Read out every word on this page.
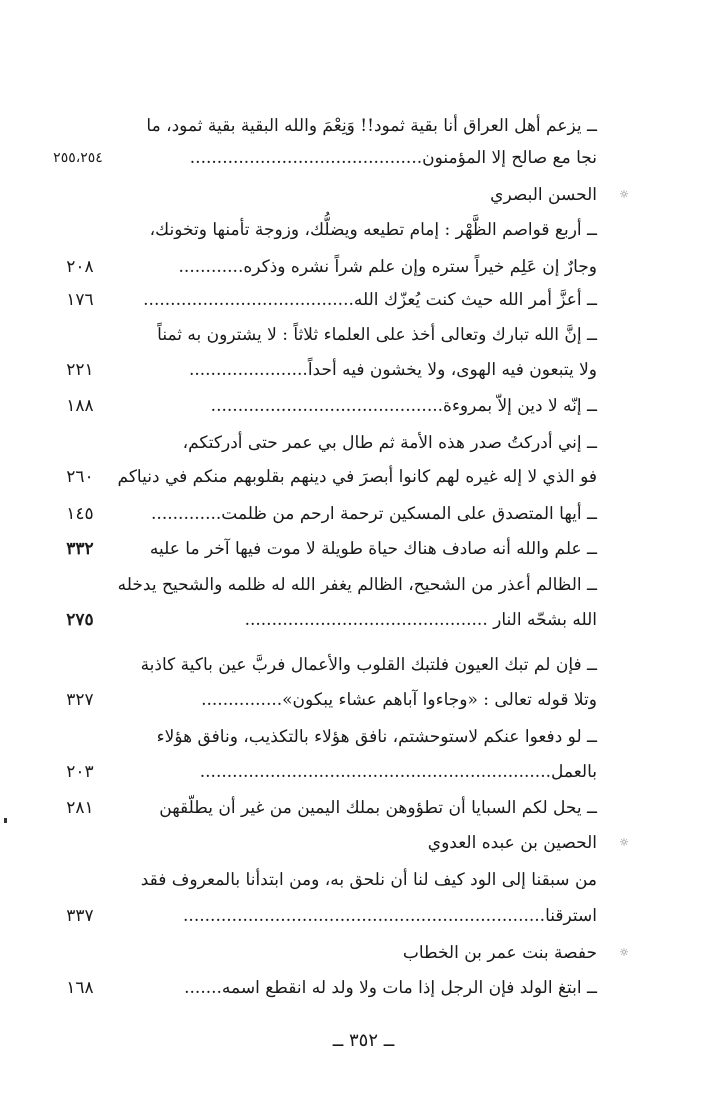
ــ يزعم أهل العراق أنا بقية ثمود!! وَنِعْمَ والله البقية بقية ثمود، ما
نجا مع صالح إلا المؤمنون...........................................
٢٥٥،٢٥٤
☼
الحسن البصري
ــ أربع قواصم الظَّهْر : إمام تطيعه ويضلُّك، وزوجة تأمنها وتخونك،
وجارٌ إن عَلِم خيراً ستره وإن علم شراً نشره وذكره............
٢٠٨
ــ أعزَّ أمر الله حيث كنت يُعزّك الله.......................................
١٧٦
ــ إنَّ الله تبارك وتعالى أخذ على العلماء ثلاثاً : لا يشترون به ثمناً
ولا يتبعون فيه الهوى، ولا يخشون فيه أحداً......................
٢٢١
ــ إنّه لا دين إلاّ بمروءة...........................................
١٨٨
ــ إني أدركتُ صدر هذه الأمة ثم طال بي عمر حتى أدركتكم،
فو الذي لا إله غيره لهم كانوا أبصرَ في دينهم بقلوبهم منكم في دنياكم
٢٦٠
ــ أيها المتصدق على المسكين ترحمة ارحم من ظلمت.............
١٤٥
ــ علم والله أنه صادف هناك حياة طويلة لا موت فيها آخر ما عليه
٣٣٢
ــ الظالم أعذر من الشحيح، الظالم يغفر الله له ظلمه والشحيح يدخله
الله بشحّه النار .............................................
٢٧٥
ــ فإن لم تبك العيون فلتبك القلوب والأعمال فربَّ عين باكية كاذبة
وتلا قوله تعالى : «وجاءوا آباهم عشاء يبكون»...............
٣٢٧
ــ لو دفعوا عنكم لاستوحشتم، نافق هؤلاء بالتكذيب، ونافق هؤلاء
بالعمل.................................................................
٢٠٣
ــ يحل لكم السبايا أن تطؤوهن بملك اليمين من غير أن يطلّقهن
٢٨١
☼
الحصين بن عبده العدوي
من سبقنا إلى الود كيف لنا أن نلحق به، ومن ابتدأنا بالمعروف فقد
استرقنا...................................................................
٣٣٧
☼
حفصة بنت عمر بن الخطاب
ــ ابتغ الولد فإن الرجل إذا مات ولا ولد له انقطع اسمه.......
١٦٨
ــ ٣٥٢ ــ
